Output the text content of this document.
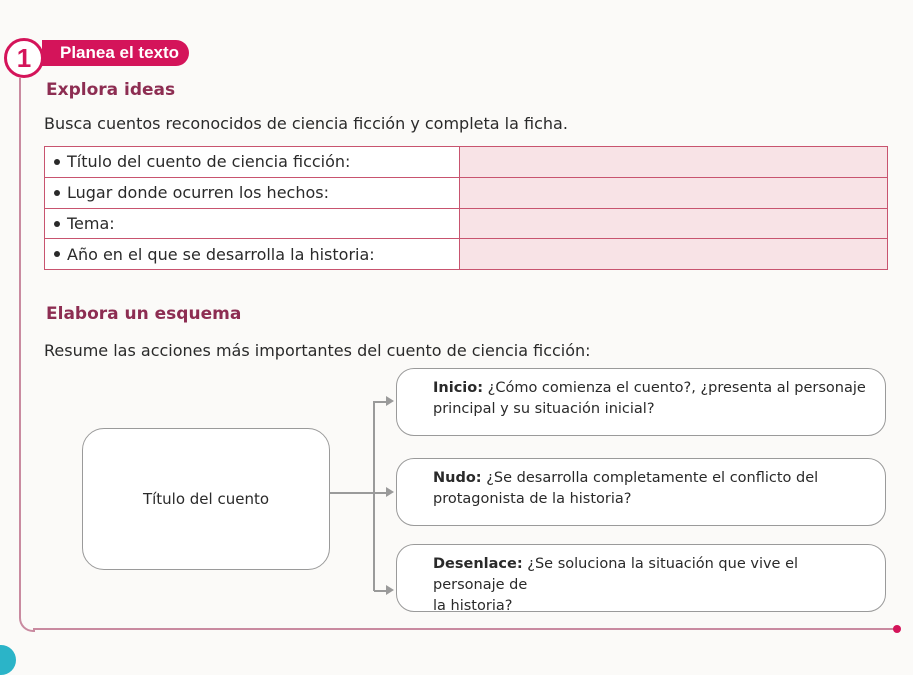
Planea el texto
1
Explora ideas
Busca cuentos reconocidos de ciencia ficción y completa la ficha.
Título del cuento de ciencia ficción:	
Lugar donde ocurren los hechos:	
Tema:	
Año en el que se desarrolla la historia:	
Elabora un esquema
Resume las acciones más importantes del cuento de ciencia ficción:
Título del cuento
Inicio: ¿Cómo comienza el cuento?, ¿presenta al personaje
principal y su situación inicial?
Nudo: ¿Se desarrolla completamente el conflicto del
protagonista de la historia?
Desenlace: ¿Se soluciona la situación que vive el personaje de
la historia?
